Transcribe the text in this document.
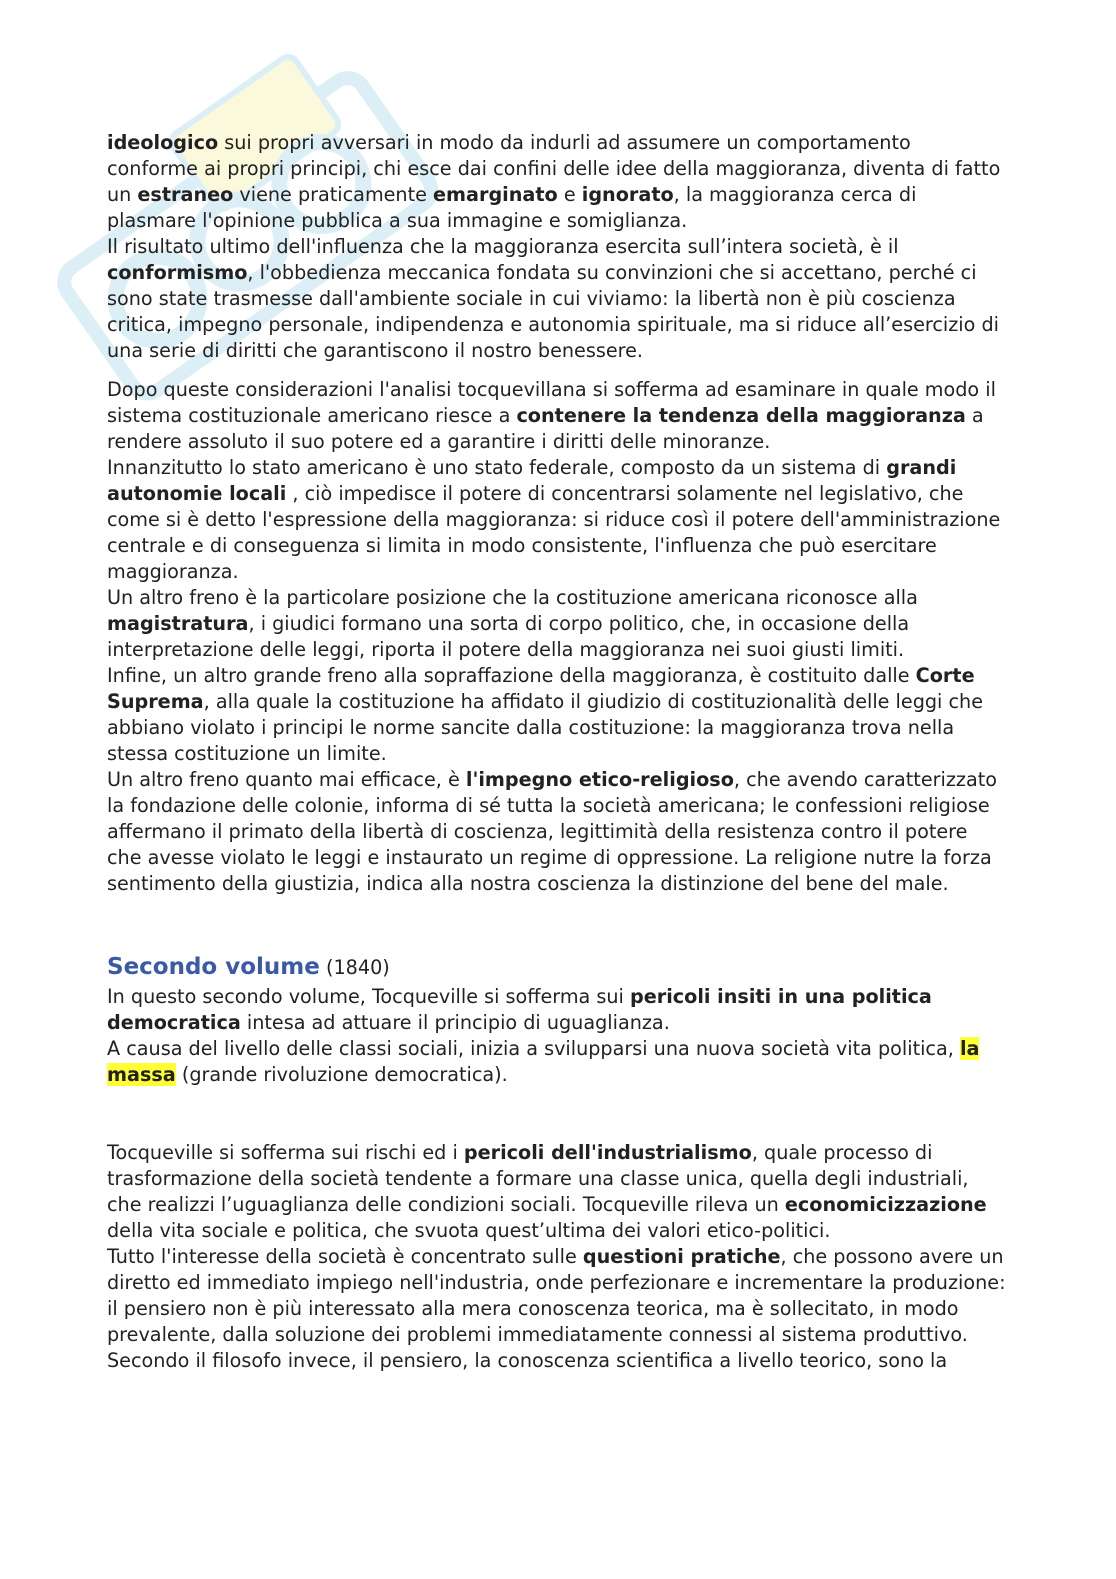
ideologico sui propri avversari in modo da indurli ad assumere un comportamento conforme ai propri principi, chi esce dai confini delle idee della maggioranza, diventa di fatto un estraneo viene praticamente emarginato e ignorato, la maggioranza cerca di plasmare l'opinione pubblica a sua immagine e somiglianza.

Il risultato ultimo dell'influenza che la maggioranza esercita sull’intera società, è il conformismo, l'obbedienza meccanica fondata su convinzioni che si accettano, perché ci sono state trasmesse dall'ambiente sociale in cui viviamo: la libertà non è più coscienza critica, impegno personale, indipendenza e autonomia spirituale, ma si riduce all’esercizio di una serie di diritti che garantiscono il nostro benessere.

Dopo queste considerazioni l'analisi tocquevillana si sofferma ad esaminare in quale modo il sistema costituzionale americano riesce a contenere la tendenza della maggioranza a rendere assoluto il suo potere ed a garantire i diritti delle minoranze.

Innanzitutto lo stato americano è uno stato federale, composto da un sistema di grandi autonomie locali , ciò impedisce il potere di concentrarsi solamente nel legislativo, che come si è detto l'espressione della maggioranza: si riduce così il potere dell'amministrazione centrale e di conseguenza si limita in modo consistente, l'influenza che può esercitare maggioranza.

Un altro freno è la particolare posizione che la costituzione americana riconosce alla magistratura, i giudici formano una sorta di corpo politico, che, in occasione della interpretazione delle leggi, riporta il potere della maggioranza nei suoi giusti limiti.

Infine, un altro grande freno alla sopraffazione della maggioranza, è costituito dalle Corte Suprema, alla quale la costituzione ha affidato il giudizio di costituzionalità delle leggi che abbiano violato i principi le norme sancite dalla costituzione: la maggioranza trova nella stessa costituzione un limite.

Un altro freno quanto mai efficace, è l'impegno etico-religioso, che avendo caratterizzato la fondazione delle colonie, informa di sé tutta la società americana; le confessioni religiose affermano il primato della libertà di coscienza, legittimità della resistenza contro il potere che avesse violato le leggi e instaurato un regime di oppressione. La religione nutre la forza sentimento della giustizia, indica alla nostra coscienza la distinzione del bene del male.

Secondo volume (1840)

In questo secondo volume, Tocqueville si sofferma sui pericoli insiti in una politica democratica intesa ad attuare il principio di uguaglianza.

A causa del livello delle classi sociali, inizia a svilupparsi una nuova società vita politica, la massa (grande rivoluzione democratica).

Tocqueville si sofferma sui rischi ed i pericoli dell'industrialismo, quale processo di trasformazione della società tendente a formare una classe unica, quella degli industriali, che realizzi l’uguaglianza delle condizioni sociali. Tocqueville rileva un economicizzazione della vita sociale e politica, che svuota quest’ultima dei valori etico-politici.

Tutto l'interesse della società è concentrato sulle questioni pratiche, che possono avere un diretto ed immediato impiego nell'industria, onde perfezionare e incrementare la produzione: il pensiero non è più interessato alla mera conoscenza teorica, ma è sollecitato, in modo prevalente, dalla soluzione dei problemi immediatamente connessi al sistema produttivo.

Secondo il filosofo invece, il pensiero, la conoscenza scientifica a livello teorico, sono la
